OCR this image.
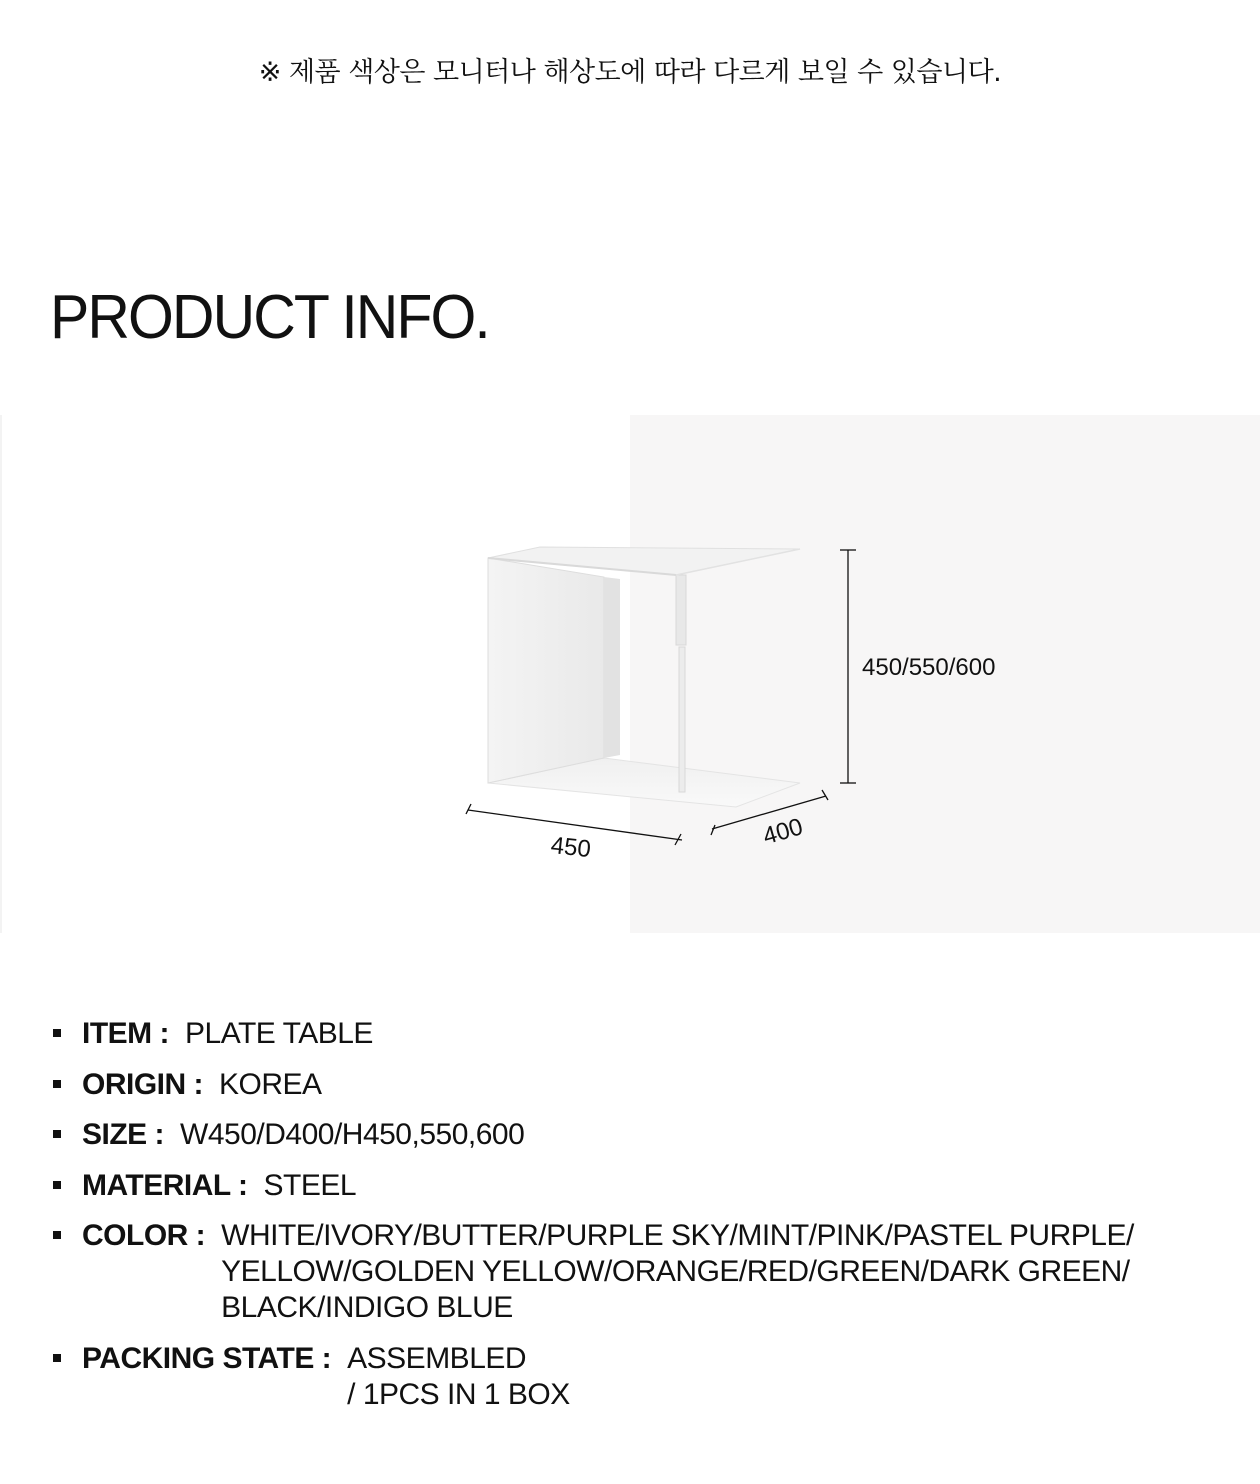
※ 제품 색상은 모니터나 해상도에 따라 다르게 보일 수 있습니다.
PRODUCT INFO.
450/550/600
450	400
ITEM : PLATE TABLE
ORIGIN : KOREA
SIZE : W450/D400/H450,550,600
MATERIAL : STEEL
COLOR : WHITE/IVORY/BUTTER/PURPLE SKY/MINT/PINK/PASTEL PURPLE/
YELLOW/GOLDEN YELLOW/ORANGE/RED/GREEN/DARK GREEN/
BLACK/INDIGO BLUE
PACKING STATE : ASSEMBLED
/ 1PCS IN 1 BOX
